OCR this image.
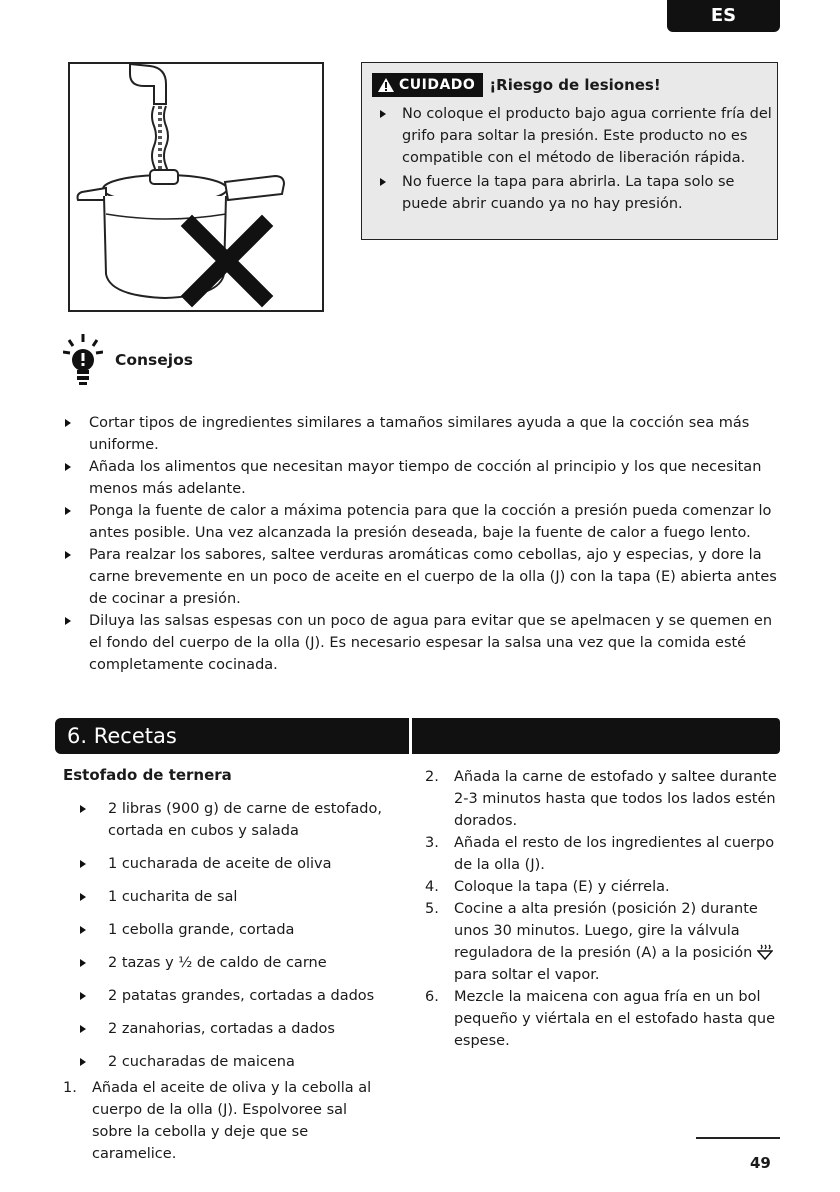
ES
CUIDADO ¡Riesgo de lesiones!
No coloque el producto bajo agua corriente fría del grifo para soltar la presión. Este producto no es compatible con el método de liberación rápida.
No fuerce la tapa para abrirla. La tapa solo se puede abrir cuando ya no hay presión.
Consejos
Cortar tipos de ingredientes similares a tamaños similares ayuda a que la cocción sea más uniforme.
Añada los alimentos que necesitan mayor tiempo de cocción al principio y los que necesitan menos más adelante.
Ponga la fuente de calor a máxima potencia para que la cocción a presión pueda comenzar lo antes posible. Una vez alcanzada la presión deseada, baje la fuente de calor a fuego lento.
Para realzar los sabores, saltee verduras aromáticas como cebollas, ajo y especias, y dore la carne brevemente en un poco de aceite en el cuerpo de la olla (J) con la tapa (E) abierta antes de cocinar a presión.
Diluya las salsas espesas con un poco de agua para evitar que se apelmacen y se quemen en el fondo del cuerpo de la olla (J). Es necesario espesar la salsa una vez que la comida esté completamente cocinada.
6. Recetas
Estofado de ternera
2 libras (900 g) de carne de estofado, cortada en cubos y salada
1 cucharada de aceite de oliva
1 cucharita de sal
1 cebolla grande, cortada
2 tazas y ½ de caldo de carne
2 patatas grandes, cortadas a dados
2 zanahorias, cortadas a dados
2 cucharadas de maicena
1. Añada el aceite de oliva y la cebolla al cuerpo de la olla (J). Espolvoree sal sobre la cebolla y deje que se caramelice.
2. Añada la carne de estofado y saltee durante 2-3 minutos hasta que todos los lados estén dorados.
3. Añada el resto de los ingredientes al cuerpo de la olla (J).
4. Coloque la tapa (E) y ciérrela.
5. Cocine a alta presión (posición 2) durante unos 30 minutos. Luego, gire la válvula reguladora de la presión (A) a la posición  para soltar el vapor.
6. Mezcle la maicena con agua fría en un bol pequeño y viértala en el estofado hasta que espese.
49
